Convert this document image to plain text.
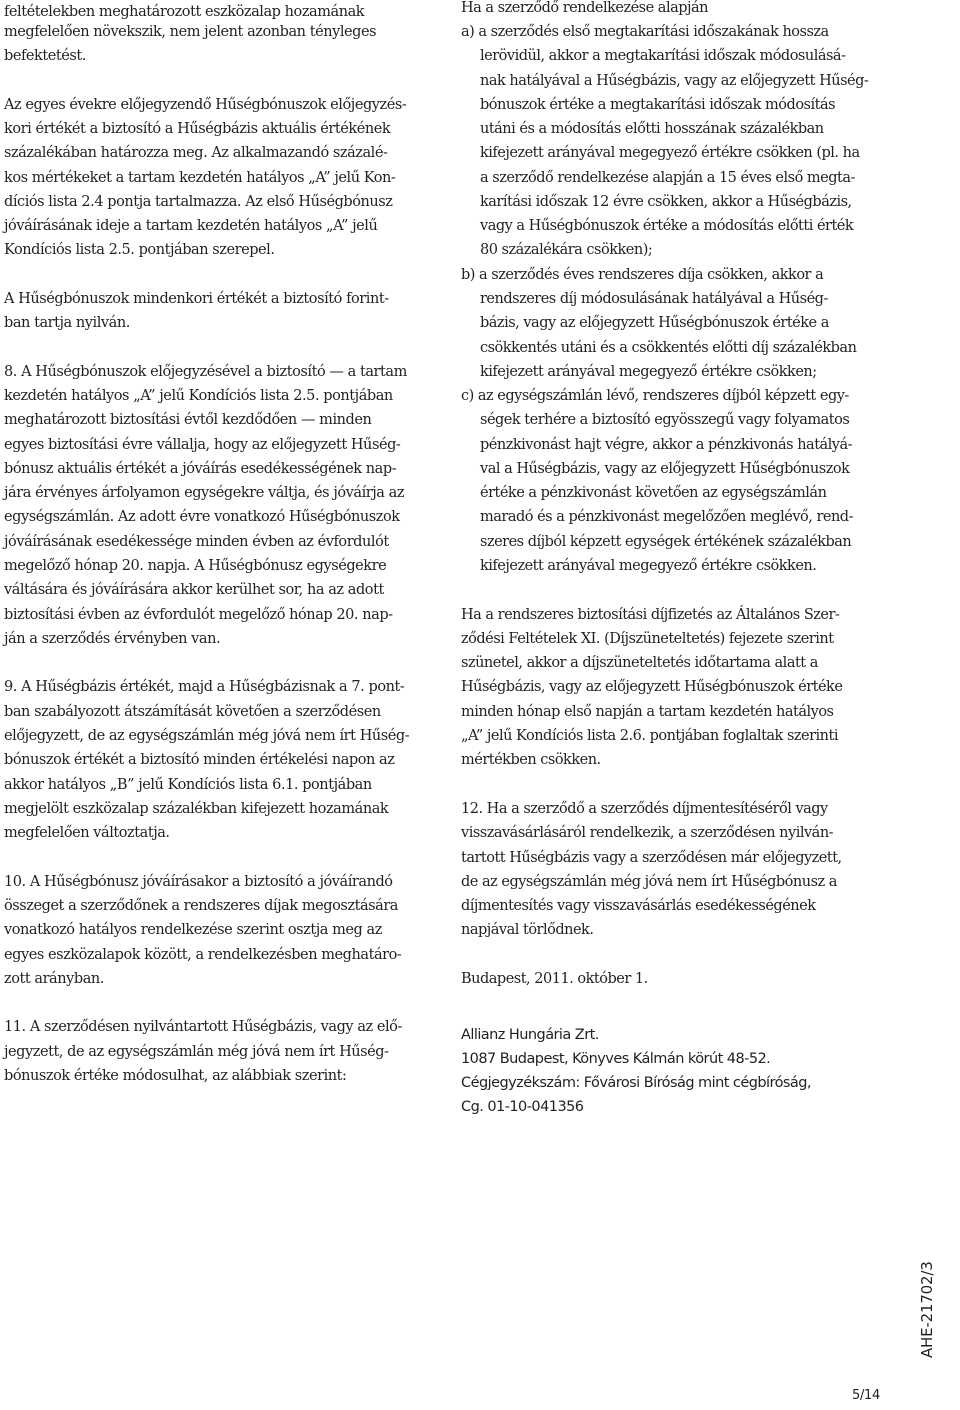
feltételekben meghatározott eszközalap hozamának
megfelelően növekszik, nem jelent azonban tényleges
befektetést.
Az egyes évekre előjegyzendő Hűségbónuszok előjegyzés-
kori értékét a biztosító a Hűségbázis aktuális értékének
százalékában határozza meg. Az alkalmazandó százalé-
kos mértékeket a tartam kezdetén hatályos „A” jelű Kon-
díciós lista 2.4 pontja tartalmazza. Az első Hűségbónusz
jóváírásának ideje a tartam kezdetén hatályos „A” jelű
Kondíciós lista 2.5. pontjában szerepel.
A Hűségbónuszok mindenkori értékét a biztosító forint-
ban tartja nyilván.
8. A Hűségbónuszok előjegyzésével a biztosító — a tartam
kezdetén hatályos „A” jelű Kondíciós lista 2.5. pontjában
meghatározott biztosítási évtől kezdődően — minden
egyes biztosítási évre vállalja, hogy az előjegyzett Hűség-
bónusz aktuális értékét a jóváírás esedékességének nap-
jára érvényes árfolyamon egységekre váltja, és jóváírja az
egységszámlán. Az adott évre vonatkozó Hűségbónuszok
jóváírásának esedékessége minden évben az évfordulót
megelőző hónap 20. napja. A Hűségbónusz egységekre
váltására és jóváírására akkor kerülhet sor, ha az adott
biztosítási évben az évfordulót megelőző hónap 20. nap-
ján a szerződés érvényben van.
9. A Hűségbázis értékét, majd a Hűségbázisnak a 7. pont-
ban szabályozott átszámítását követően a szerződésen
előjegyzett, de az egységszámlán még jóvá nem írt Hűség-
bónuszok értékét a biztosító minden értékelési napon az
akkor hatályos „B” jelű Kondíciós lista 6.1. pontjában
megjelölt eszközalap százalékban kifejezett hozamának
megfelelően változtatja.
10. A Hűségbónusz jóváírásakor a biztosító a jóváírandó
összeget a szerződőnek a rendszeres díjak megosztására
vonatkozó hatályos rendelkezése szerint osztja meg az
egyes eszközalapok között, a rendelkezésben meghatáro-
zott arányban.
11. A szerződésen nyilvántartott Hűségbázis, vagy az elő-
jegyzett, de az egységszámlán még jóvá nem írt Hűség-
bónuszok értéke módosulhat, az alábbiak szerint:
Ha a szerződő rendelkezése alapján
a) a szerződés első megtakarítási időszakának hossza
lerövidül, akkor a megtakarítási időszak módosulásá-
nak hatályával a Hűségbázis, vagy az előjegyzett Hűség-
bónuszok értéke a megtakarítási időszak módosítás
utáni és a módosítás előtti hosszának százalékban
kifejezett arányával megegyező értékre csökken (pl. ha
a szerződő rendelkezése alapján a 15 éves első megta-
karítási időszak 12 évre csökken, akkor a Hűségbázis,
vagy a Hűségbónuszok értéke a módosítás előtti érték
80 százalékára csökken);
b) a szerződés éves rendszeres díja csökken, akkor a
rendszeres díj módosulásának hatályával a Hűség-
bázis, vagy az előjegyzett Hűségbónuszok értéke a
csökkentés utáni és a csökkentés előtti díj százalékban
kifejezett arányával megegyező értékre csökken;
c) az egységszámlán lévő, rendszeres díjból képzett egy-
ségek terhére a biztosító egyösszegű vagy folyamatos
pénzkivonást hajt végre, akkor a pénzkivonás hatályá-
val a Hűségbázis, vagy az előjegyzett Hűségbónuszok
értéke a pénzkivonást követően az egységszámlán
maradó és a pénzkivonást megelőzően meglévő, rend-
szeres díjból képzett egységek értékének százalékban
kifejezett arányával megegyező értékre csökken.
Ha a rendszeres biztosítási díjfizetés az Általános Szer-
ződési Feltételek XI. (Díjszüneteltetés) fejezete szerint
szünetel, akkor a díjszüneteltetés időtartama alatt a
Hűségbázis, vagy az előjegyzett Hűségbónuszok értéke
minden hónap első napján a tartam kezdetén hatályos
„A” jelű Kondíciós lista 2.6. pontjában foglaltak szerinti
mértékben csökken.
12. Ha a szerződő a szerződés díjmentesítéséről vagy
visszavásárlásáról rendelkezik, a szerződésen nyilván-
tartott Hűségbázis vagy a szerződésen már előjegyzett,
de az egységszámlán még jóvá nem írt Hűségbónusz a
díjmentesítés vagy visszavásárlás esedékességének
napjával törlődnek.
Budapest, 2011. október 1.
Allianz Hungária Zrt.
1087 Budapest, Könyves Kálmán körút 48-52.
Cégjegyzékszám: Fővárosi Bíróság mint cégbíróság,
Cg. 01-10-041356
AHE-21702/3
5/14
